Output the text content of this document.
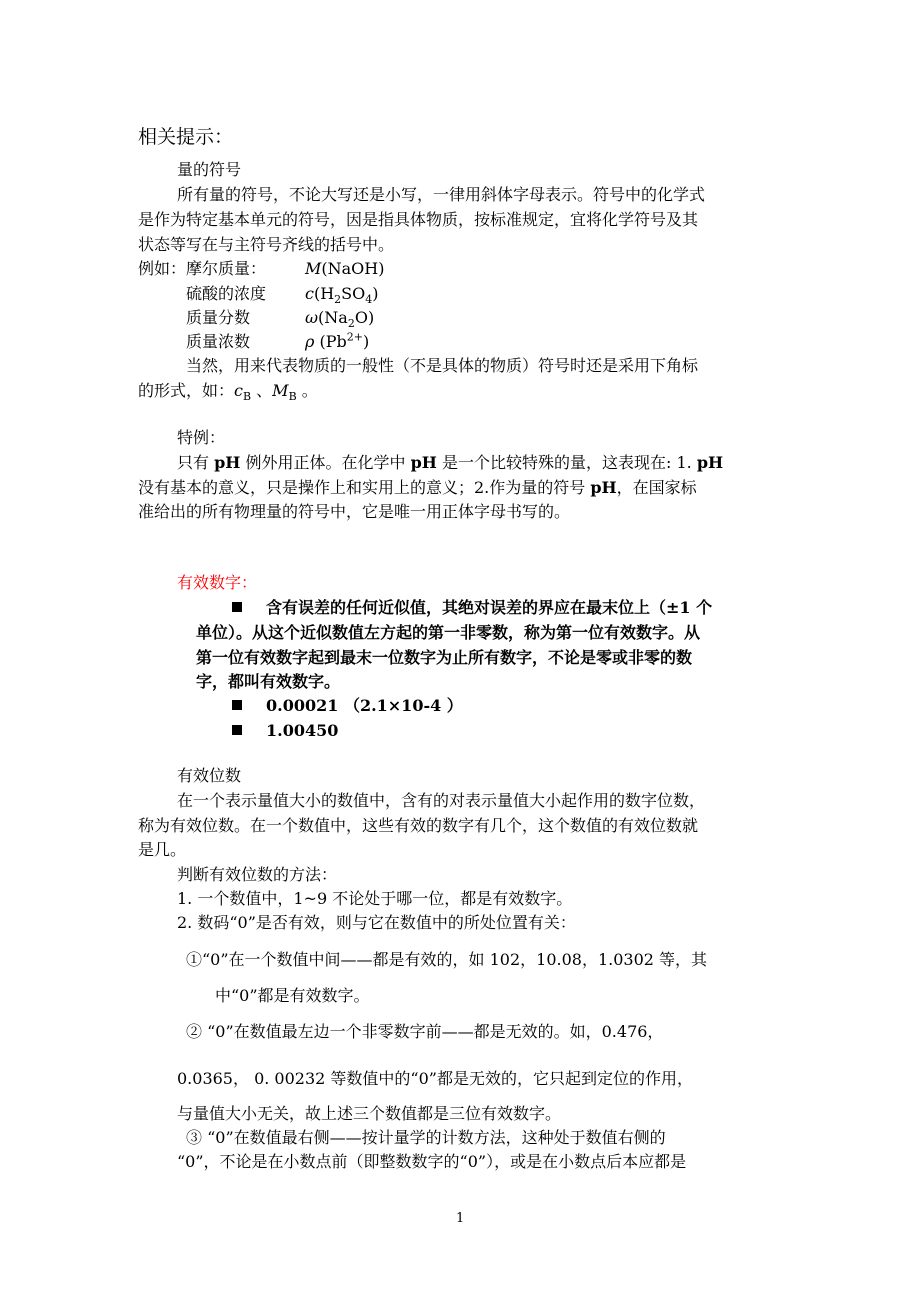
相关提示：
量的符号
所有量的符号，不论大写还是小写，一律用斜体字母表示。符号中的化学式
是作为特定基本单元的符号，因是指具体物质，按标准规定，宜将化学符号及其
状态等写在与主符号齐线的括号中。
例如： 摩尔质量： M(NaOH)
硫酸的浓度 $c(H_2SO_4)$
质量分数	$\omega(Na_2O)$
质量浓数	ρ $(Pb^{2+})$
当然，用来代表物质的一般性（不是具体的物质）符号时还是采用下角标
的形式，如：$c_B$ 、$M_B$ 。
特例：
只有 pH 例外用正体。在化学中 pH 是一个比较特殊的量，这表现在: 1. pH
没有基本的意义，只是操作上和实用上的意义；2.作为量的符号 pH，在国家标
准给出的所有物理量的符号中，它是唯一用正体字母书写的。
有效数字：
含有误差的任何近似值，其绝对误差的界应在最末位上（±1 个
单位）。从这个近似数值左方起的第一非零数，称为第一位有效数字。从
第一位有效数字起到最末一位数字为止所有数字，不论是零或非零的数
字，都叫有效数字。
0.00021 （2.1×10-4 ）
1.00450
有效位数
在一个表示量值大小的数值中，含有的对表示量值大小起作用的数字位数，
称为有效位数。在一个数值中，这些有效的数字有几个，这个数值的有效位数就
是几。
判断有效位数的方法：
1. 一个数值中，1~9 不论处于哪一位，都是有效数字。
2. 数码“0”是否有效，则与它在数值中的所处位置有关：
①“0”在一个数值中间——都是有效的，如 102，10.08，1.0302 等，其
中“0”都是有效数字。
② “0”在数值最左边一个非零数字前——都是无效的。如，0.476，
0.0365， 0. 00232 等数值中的“0”都是无效的，它只起到定位的作用，
与量值大小无关，故上述三个数值都是三位有效数字。
③ “0”在数值最右侧——按计量学的计数方法，这种处于数值右侧的
“0”，不论是在小数点前（即整数数字的“0”），或是在小数点后本应都是
1
